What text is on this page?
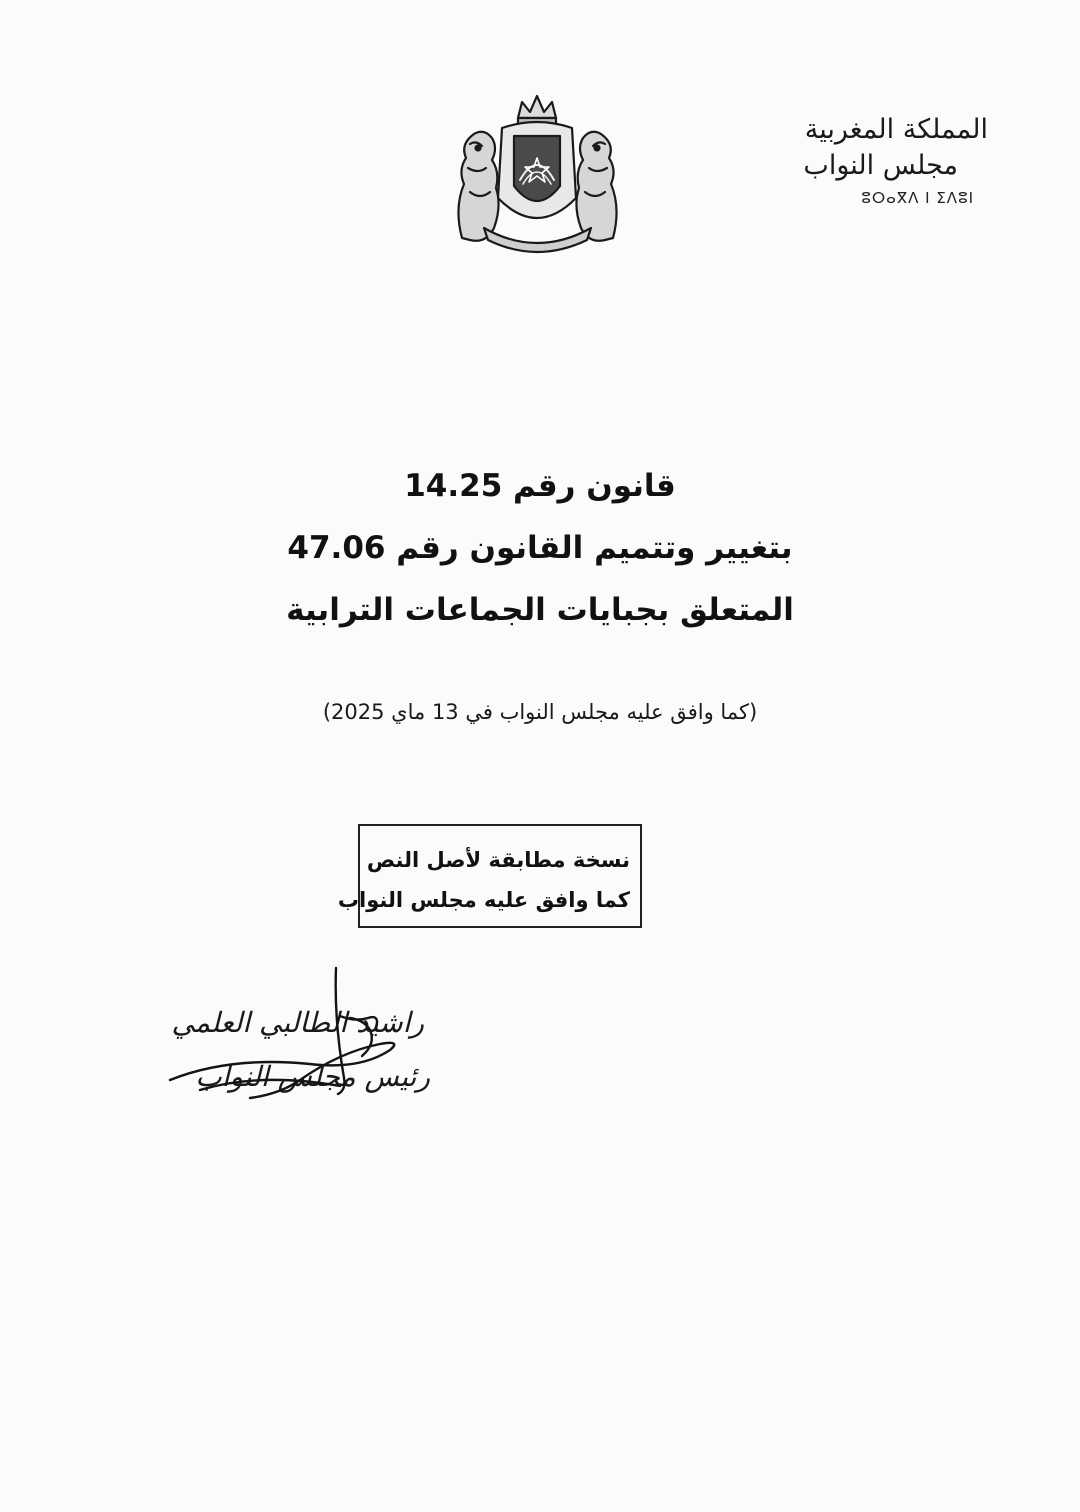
المملكة المغربية
مجلس النواب
ⵓⵔⴰⴳⴷ ⵏ ⵉⴷⵓⵏ
قانون رقم 14.25
بتغيير وتتميم القانون رقم 47.06
المتعلق بجبايات الجماعات الترابية
(كما وافق عليه مجلس النواب في 13 ماي 2025)
نسخة مطابقة لأصل النص
كما وافق عليه مجلس النواب
راشيد الطالبي العلمي
رئيس مجلس النواب
